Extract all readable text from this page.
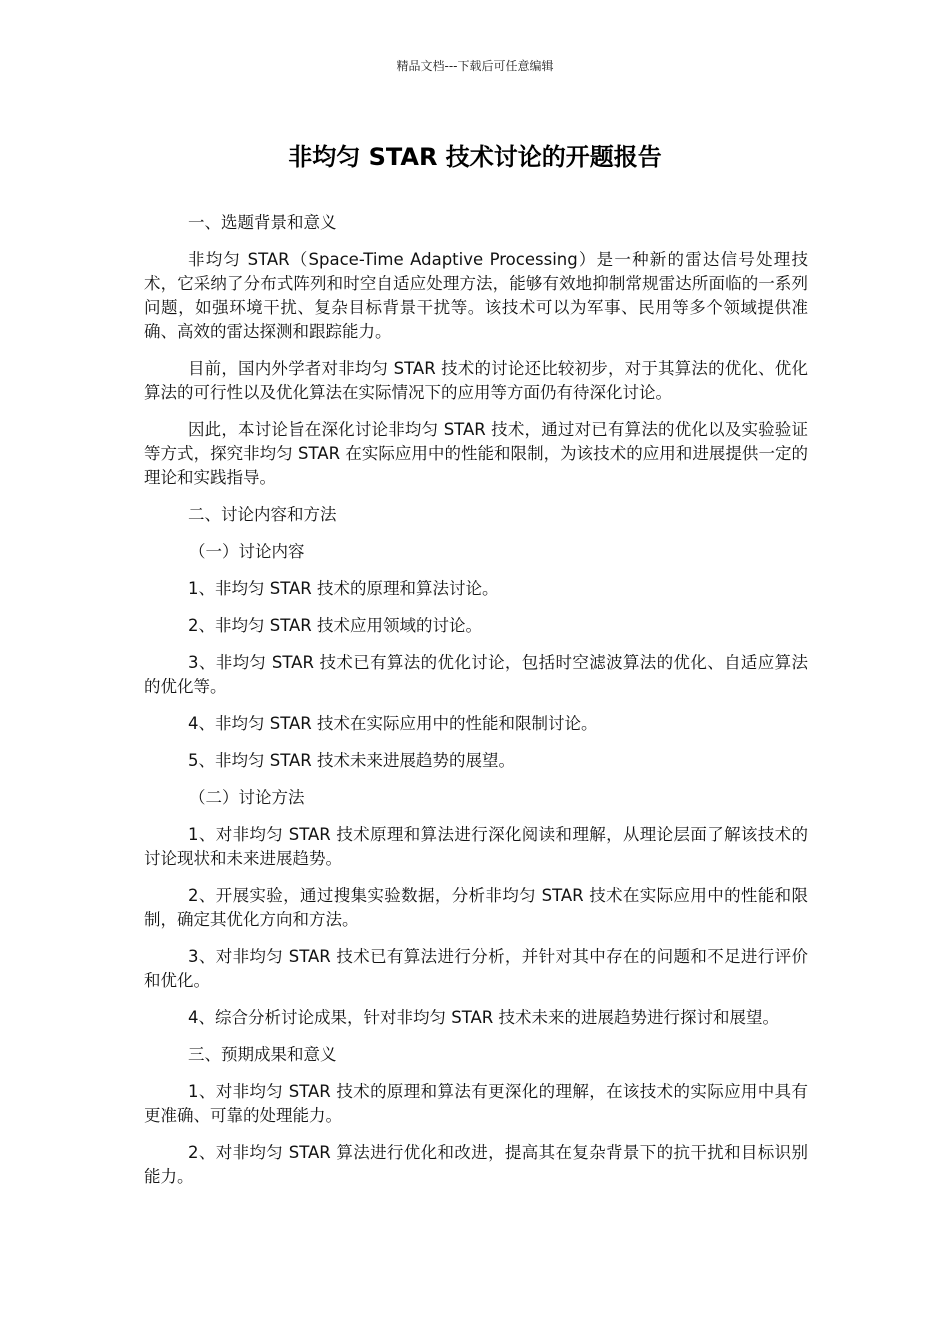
精品文档---下载后可任意编辑
非均匀 STAR 技术讨论的开题报告

一、选题背景和意义

非均匀 STAR（Space-Time Adaptive Processing）是一种新的雷达信号处理技术，它采纳了分布式阵列和时空自适应处理方法，能够有效地抑制常规雷达所面临的一系列问题，如强环境干扰、复杂目标背景干扰等。该技术可以为军事、民用等多个领域提供准确、高效的雷达探测和跟踪能力。

目前，国内外学者对非均匀 STAR 技术的讨论还比较初步，对于其算法的优化、优化算法的可行性以及优化算法在实际情况下的应用等方面仍有待深化讨论。

因此，本讨论旨在深化讨论非均匀 STAR 技术，通过对已有算法的优化以及实验验证等方式，探究非均匀 STAR 在实际应用中的性能和限制，为该技术的应用和进展提供一定的理论和实践指导。

二、讨论内容和方法

（一）讨论内容

1、非均匀 STAR 技术的原理和算法讨论。

2、非均匀 STAR 技术应用领域的讨论。

3、非均匀 STAR 技术已有算法的优化讨论，包括时空滤波算法的优化、自适应算法的优化等。

4、非均匀 STAR 技术在实际应用中的性能和限制讨论。

5、非均匀 STAR 技术未来进展趋势的展望。

（二）讨论方法

1、对非均匀 STAR 技术原理和算法进行深化阅读和理解，从理论层面了解该技术的讨论现状和未来进展趋势。

2、开展实验，通过搜集实验数据，分析非均匀 STAR 技术在实际应用中的性能和限制，确定其优化方向和方法。

3、对非均匀 STAR 技术已有算法进行分析，并针对其中存在的问题和不足进行评价和优化。

4、综合分析讨论成果，针对非均匀 STAR 技术未来的进展趋势进行探讨和展望。

三、预期成果和意义

1、对非均匀 STAR 技术的原理和算法有更深化的理解，在该技术的实际应用中具有更准确、可靠的处理能力。

2、对非均匀 STAR 算法进行优化和改进，提高其在复杂背景下的抗干扰和目标识别能力。
